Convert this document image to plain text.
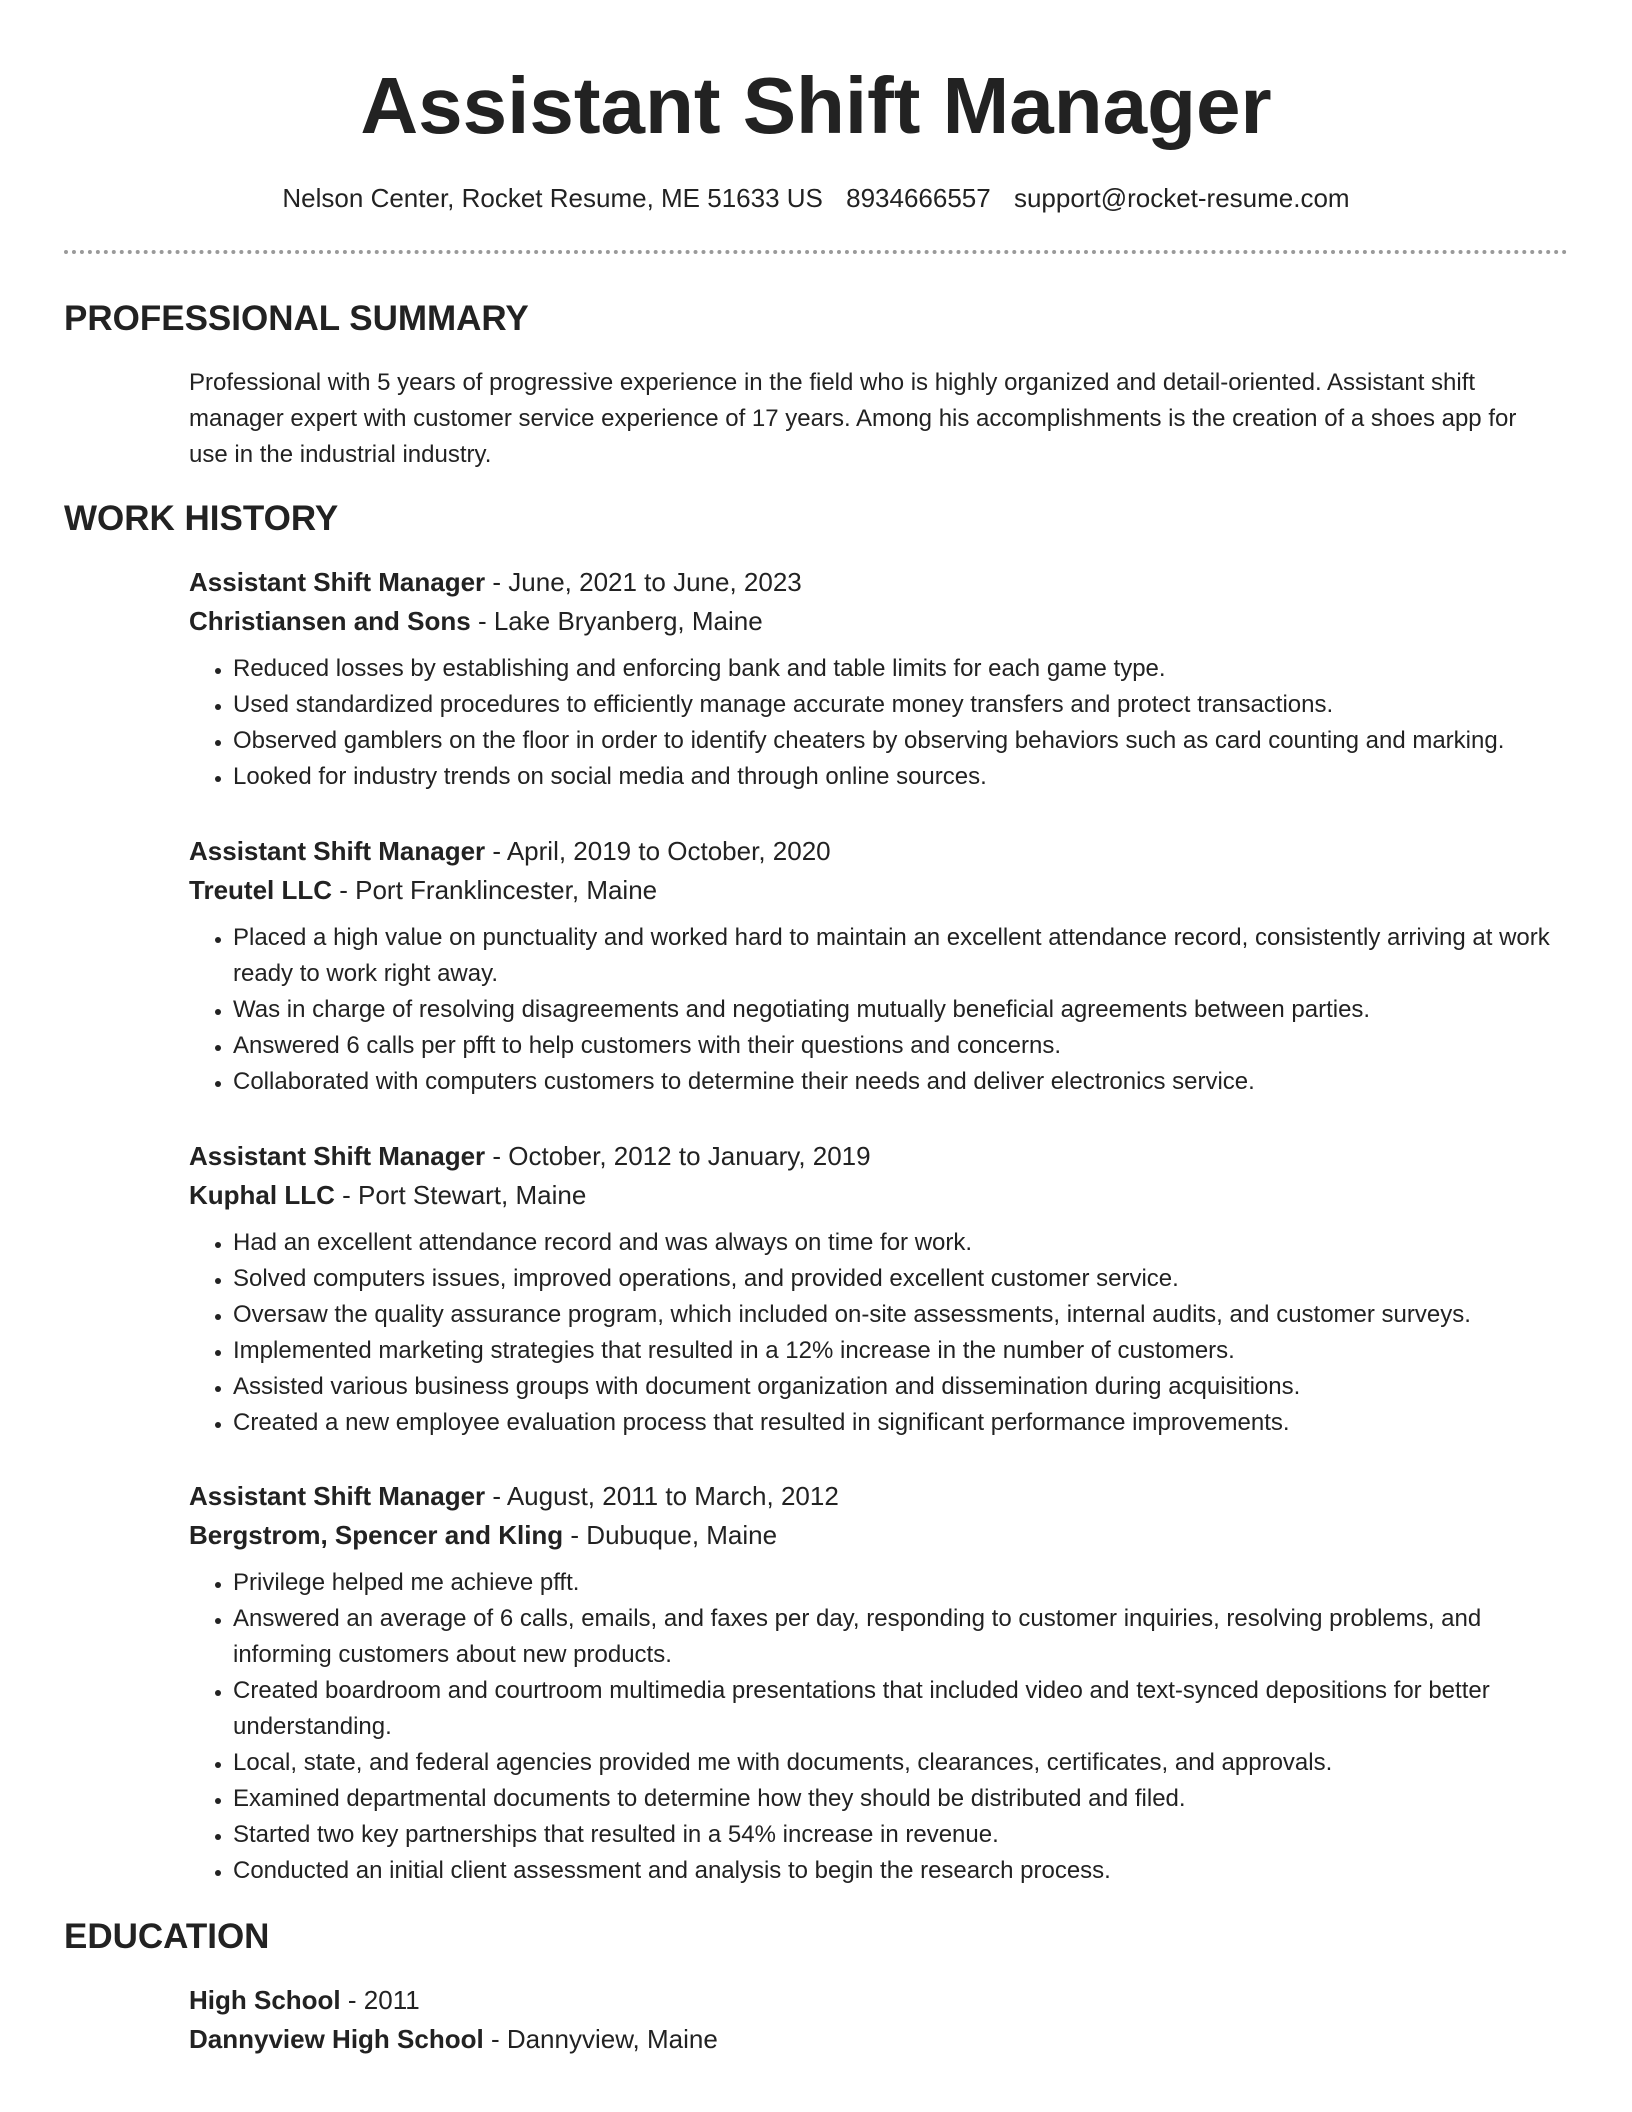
Assistant Shift Manager
Nelson Center, Rocket Resume, ME 51633 US 8934666557 support@rocket-resume.com
PROFESSIONAL SUMMARY

Professional with 5 years of progressive experience in the field who is highly organized and detail-oriented. Assistant shift manager expert with customer service experience of 17 years. Among his accomplishments is the creation of a shoes app for use in the industrial industry.

WORK HISTORY

Assistant Shift Manager - June, 2021 to June, 2023

Christiansen and Sons - Lake Bryanberg, Maine

• Reduced losses by establishing and enforcing bank and table limits for each game type.
• Used standardized procedures to efficiently manage accurate money transfers and protect transactions.
• Observed gamblers on the floor in order to identify cheaters by observing behaviors such as card counting and marking.
• Looked for industry trends on social media and through online sources.

Assistant Shift Manager - April, 2019 to October, 2020

Treutel LLC - Port Franklincester, Maine

• Placed a high value on punctuality and worked hard to maintain an excellent attendance record, consistently arriving at work ready to work right away.
• Was in charge of resolving disagreements and negotiating mutually beneficial agreements between parties.
• Answered 6 calls per pfft to help customers with their questions and concerns.
• Collaborated with computers customers to determine their needs and deliver electronics service.

Assistant Shift Manager - October, 2012 to January, 2019

Kuphal LLC - Port Stewart, Maine

• Had an excellent attendance record and was always on time for work.
• Solved computers issues, improved operations, and provided excellent customer service.
• Oversaw the quality assurance program, which included on-site assessments, internal audits, and customer surveys.
• Implemented marketing strategies that resulted in a 12% increase in the number of customers.
• Assisted various business groups with document organization and dissemination during acquisitions.
• Created a new employee evaluation process that resulted in significant performance improvements.

Assistant Shift Manager - August, 2011 to March, 2012

Bergstrom, Spencer and Kling - Dubuque, Maine

• Privilege helped me achieve pfft.
• Answered an average of 6 calls, emails, and faxes per day, responding to customer inquiries, resolving problems, and informing customers about new products.
• Created boardroom and courtroom multimedia presentations that included video and text-synced depositions for better understanding.
• Local, state, and federal agencies provided me with documents, clearances, certificates, and approvals.
• Examined departmental documents to determine how they should be distributed and filed.
• Started two key partnerships that resulted in a 54% increase in revenue.
• Conducted an initial client assessment and analysis to begin the research process.
EDUCATION

High School - 2011

Dannyview High School - Dannyview, Maine
